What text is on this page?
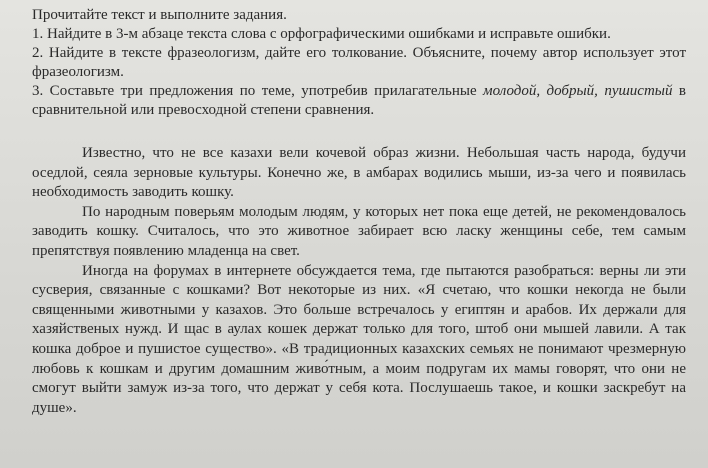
Прочитайте текст и выполните задания.

1. Найдите в 3-м абзаце текста слова с орфографическими ошибками и исправьте ошибки.

2. Найдите в тексте фразеологизм, дайте его толкование. Объясните, почему автор использует этот фразеологизм.

3. Составьте три предложения по теме, употребив прилагательные молодой, добрый, пушистый в сравнительной или превосходной степени сравнения.

Известно, что не все казахи вели кочевой образ жизни. Небольшая часть народа, будучи оседлой, сеяла зерновые культуры. Конечно же, в амбарах водились мыши, из-за чего и появилась необходимость заводить кошку.

По народным поверьям молодым людям, у которых нет пока еще детей, не рекомендовалось заводить кошку. Считалось, что это животное забирает всю ласку женщины себе, тем самым препятствуя появлению младенца на свет.

Иногда на форумах в интернете обсуждается тема, где пытаются разобраться: верны ли эти сусверия, связанные с кошками? Вот некоторые из них. «Я счетаю, что кошки некогда не были священными животными у казахов. Это больше встречалось у египтян и арабов. Их держали для хазяйственых нужд. И щас в аулах кошек держат только для того, штоб они мышей лавили. А так кошка доброе и пушистое существо». «В традиционных казахских семьях не понимают чрезмерную любовь к кошкам и другим домашним живо́тным, а моим подругам их мамы говорят, что они не смогут выйти замуж из-за того, что держат у себя кота. Послушаешь такое, и кошки заскребут на душе».
